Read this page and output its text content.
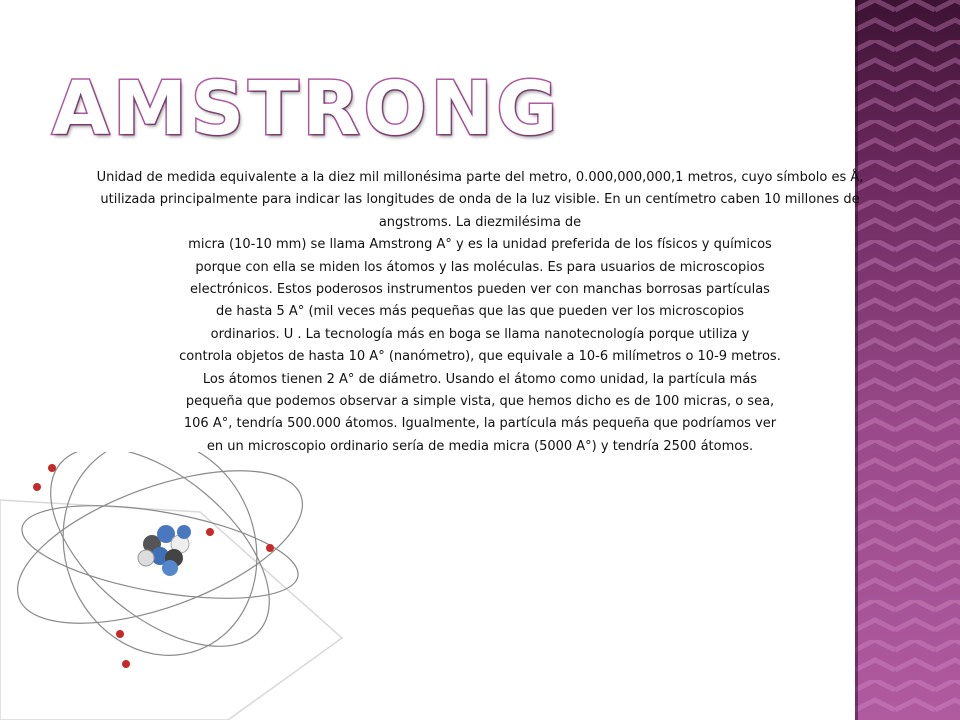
AMSTRONG
Unidad de medida equivalente a la diez mil millonésima parte del metro, 0.000,000,000,1 metros, cuyo símbolo es Å,
utilizada principalmente para indicar las longitudes de onda de la luz visible. En un centímetro caben 10 millones de
angstroms. La diezmilésima de
micra (10-10 mm) se llama Amstrong A° y es la unidad preferida de los físicos y químicos
porque con ella se miden los átomos y las moléculas. Es para usuarios de microscopios
electrónicos. Estos poderosos instrumentos pueden ver con manchas borrosas partículas
de hasta 5 A° (mil veces más pequeñas que las que pueden ver los microscopios
ordinarios. U . La tecnología más en boga se llama nanotecnología porque utiliza y
controla objetos de hasta 10 A° (nanómetro), que equivale a 10-6 milímetros o 10-9 metros.
Los átomos tienen 2 A° de diámetro. Usando el átomo como unidad, la partícula más
pequeña que podemos observar a simple vista, que hemos dicho es de 100 micras, o sea,
106 A°, tendría 500.000 átomos. Igualmente, la partícula más pequeña que podríamos ver
en un microscopio ordinario sería de media micra (5000 A°) y tendría 2500 átomos.
